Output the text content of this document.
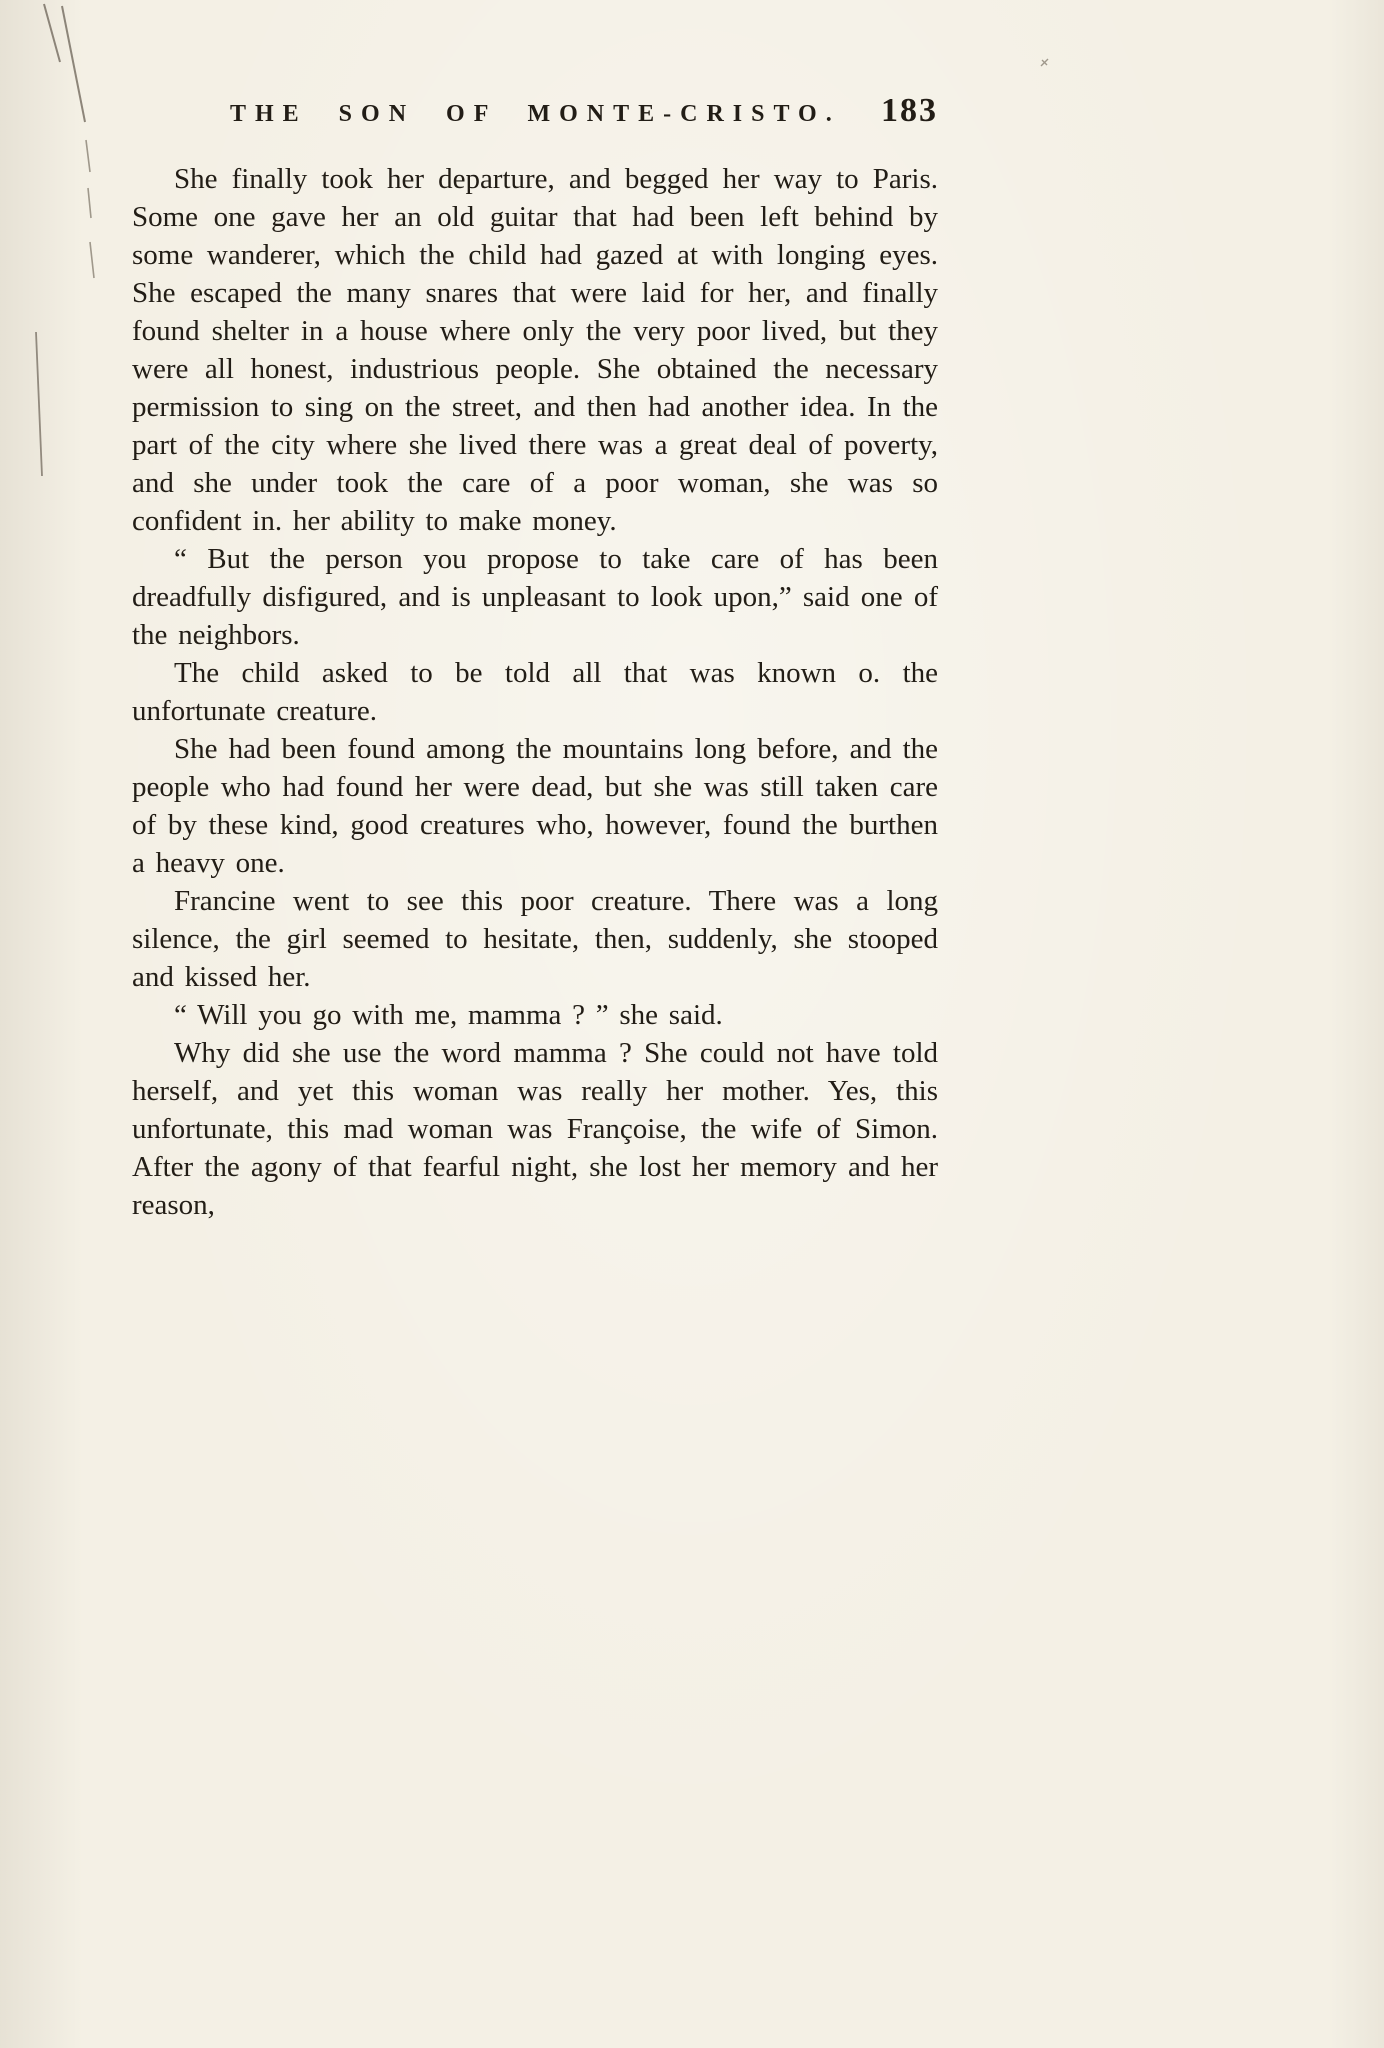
THE SON OF MONTE-CRISTO. 183

She finally took her departure, and begged her way to Paris. Some one gave her an old guitar that had been left behind by some wanderer, which the child had gazed at with longing eyes. She escaped the many snares that were laid for her, and finally found shelter in a house where only the very poor lived, but they were all honest, industrious people. She obtained the necessary permission to sing on the street, and then had another idea. In the part of the city where she lived there was a great deal of poverty, and she under took the care of a poor woman, she was so confident in. her ability to make money.

“ But the person you propose to take care of has been dreadfully disfigured, and is unpleasant to look upon,” said one of the neighbors.

The child asked to be told all that was known o. the unfortunate creature.

She had been found among the mountains long before, and the people who had found her were dead, but she was still taken care of by these kind, good creatures who, however, found the burthen a heavy one.

Francine went to see this poor creature. There was a long silence, the girl seemed to hesitate, then, suddenly, she stooped and kissed her.

“ Will you go with me, mamma ? ” she said.

Why did she use the word mamma ? She could not have told herself, and yet this woman was really her mother. Yes, this unfortunate, this mad woman was Françoise, the wife of Simon. After the agony of that fearful night, she lost her memory and her reason,
